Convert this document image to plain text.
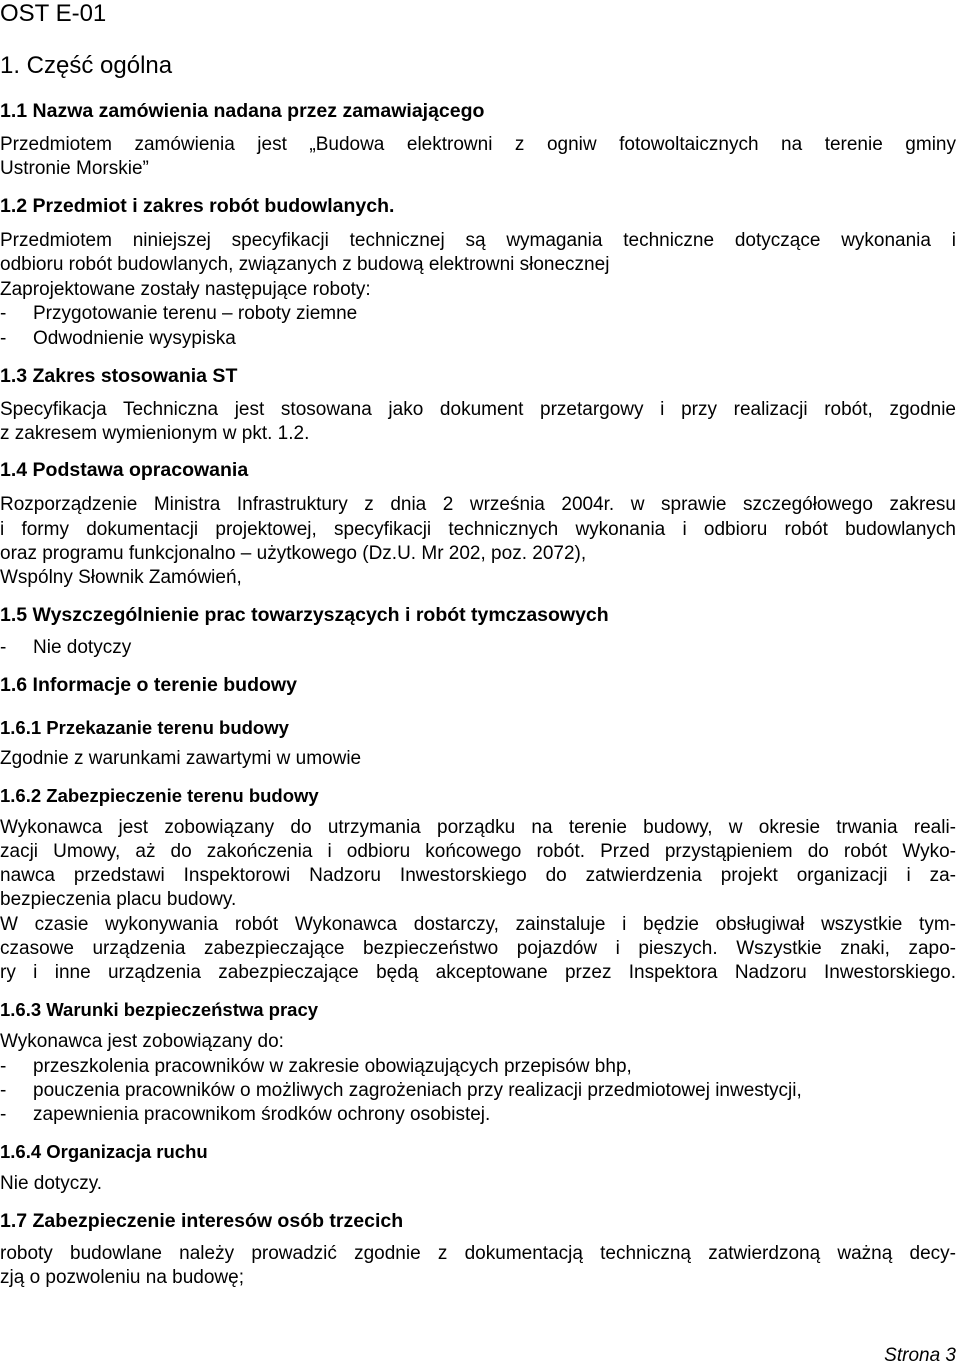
OST E-01
1. Część ogólna
1.1 Nazwa zamówienia nadana przez zamawiającego
Przedmiotem zamówienia jest „Budowa elektrowni z ogniw fotowoltaicznych na terenie gminy
Ustronie Morskie”
1.2 Przedmiot i zakres robót budowlanych.
Przedmiotem niniejszej specyfikacji technicznej są wymagania techniczne dotyczące wykonania i
odbioru robót budowlanych, związanych z budową elektrowni słonecznej
Zaprojektowane zostały następujące roboty:
- Przygotowanie terenu – roboty ziemne
- Odwodnienie wysypiska
1.3 Zakres stosowania ST
Specyfikacja Techniczna jest stosowana jako dokument przetargowy i przy realizacji robót, zgodnie
z zakresem wymienionym w pkt. 1.2.
1.4 Podstawa opracowania
Rozporządzenie Ministra Infrastruktury z dnia 2 września 2004r. w sprawie szczegółowego zakresu
i formy dokumentacji projektowej, specyfikacji technicznych wykonania i odbioru robót budowlanych
oraz programu funkcjonalno – użytkowego (Dz.U. Mr 202, poz. 2072),
Wspólny Słownik Zamówień,
1.5 Wyszczególnienie prac towarzyszących i robót tymczasowych
- Nie dotyczy
1.6 Informacje o terenie budowy
1.6.1 Przekazanie terenu budowy
Zgodnie z warunkami zawartymi w umowie
1.6.2 Zabezpieczenie terenu budowy
Wykonawca jest zobowiązany do utrzymania porządku na terenie budowy, w okresie trwania reali-
zacji Umowy, aż do zakończenia i odbioru końcowego robót. Przed przystąpieniem do robót Wyko-
nawca przedstawi Inspektorowi Nadzoru Inwestorskiego do zatwierdzenia projekt organizacji i za-
bezpieczenia placu budowy.
W czasie wykonywania robót Wykonawca dostarczy, zainstaluje i będzie obsługiwał wszystkie tym-
czasowe urządzenia zabezpieczające bezpieczeństwo pojazdów i pieszych. Wszystkie znaki, zapo-
ry i inne urządzenia zabezpieczające będą akceptowane przez Inspektora Nadzoru Inwestorskiego.
1.6.3 Warunki bezpieczeństwa pracy
Wykonawca jest zobowiązany do:
- przeszkolenia pracowników w zakresie obowiązujących przepisów bhp,
- pouczenia pracowników o możliwych zagrożeniach przy realizacji przedmiotowej inwestycji,
- zapewnienia pracownikom środków ochrony osobistej.
1.6.4 Organizacja ruchu
Nie dotyczy.
1.7 Zabezpieczenie interesów osób trzecich
roboty budowlane należy prowadzić zgodnie z dokumentacją techniczną zatwierdzoną ważną decy-
zją o pozwoleniu na budowę;
Strona 3
